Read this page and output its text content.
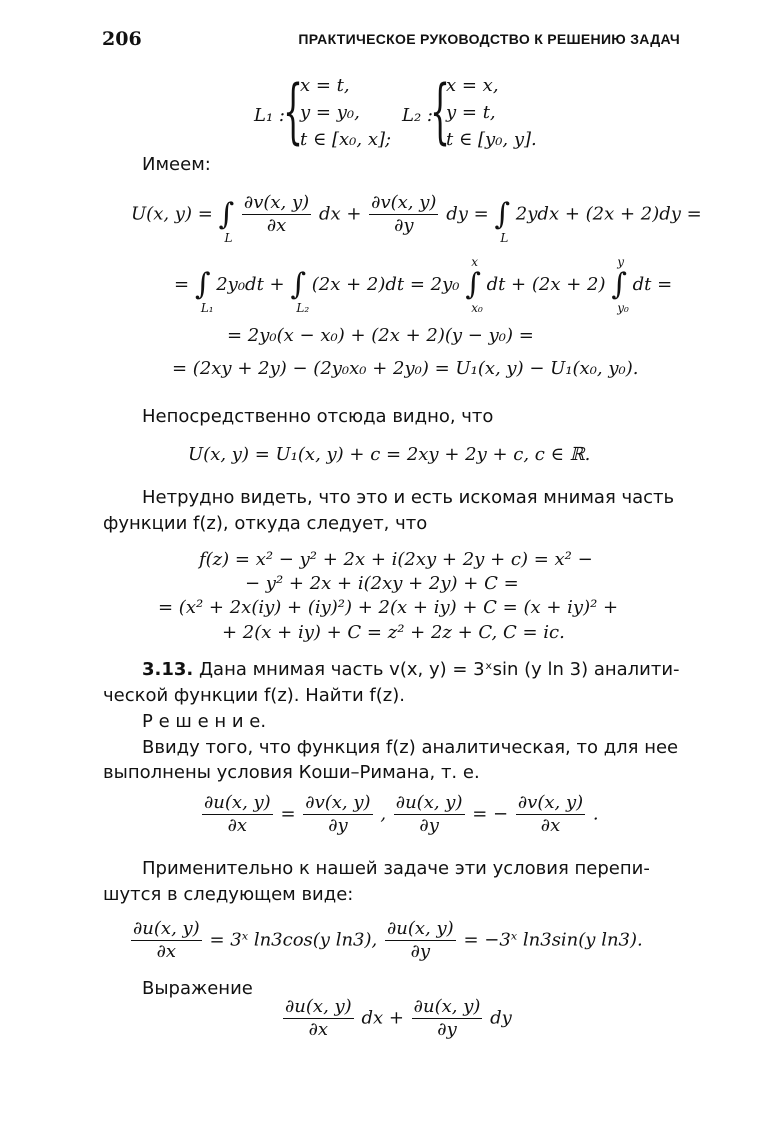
206	ПРАКТИЧЕСКОЕ РУКОВОДСТВО К РЕШЕНИЮ ЗАДАЧ
L₁ :
{
x = t,
y = y₀,
t ∈ [x₀, x];
L₂ :
{
x = x,
y = t,
t ∈ [y₀, y].
Имеем:
U(x, y) = ∫
L

$\frac{\partial v(x, y)}{\partial x}$ dx + $\frac{\partial v(x, y)}{\partial y}$ dy = ∫
L
2ydx + (2x + 2)dy =
= ∫
L₁
2y₀dt + ∫
L₂
(2x + 2)dt = 2y₀ ∫
x
x₀
dt + (2x + 2) ∫
y
y₀
dt =
= 2y₀(x − x₀) + (2x + 2)(y − y₀) =
= (2xy + 2y) − (2y₀x₀ + 2y₀) = U₁(x, y) − U₁(x₀, y₀).
Непосредственно отсюда видно, что
U(x, y) = U₁(x, y) + c = 2xy + 2y + c, c ∈ ℝ.
Нетрудно видеть, что это и есть искомая мнимая часть
функции f(z), откуда следует, что
f(z) = x² − y² + 2x + i(2xy + 2y + c) = x² −
− y² + 2x + i(2xy + 2y) + C =
= (x² + 2x(iy) + (iy)²) + 2(x + iy) + C = (x + iy)² +
+ 2(x + iy) + C = z² + 2z + C, C = ic.
3.13. Дана мнимая часть v(x, y) = 3ˣsin (y ln 3) аналити-
ческой функции f(z). Найти f(z).
Р е ш е н и е.
Ввиду того, что функция f(z) аналитическая, то для нее
выполнены условия Коши–Римана, т. е.
$\frac{\partial u(x, y)}{\partial x} = \frac{\partial v(x, y)}{\partial y}$ , $\frac{\partial u(x, y)}{\partial y}$ = − $\frac{\partial v(x, y)}{\partial x}$ .
Применительно к нашей задаче эти условия перепи-
шутся в следующем виде:
$\frac{\partial u(x, y)}{\partial x}$ = 3ˣ ln3cos(y ln3), $\frac{\partial u(x, y)}{\partial y}$ = −3ˣ ln3sin(y ln3).
Выражение
$\frac{\partial u(x, y)}{\partial x}$ dx + $\frac{\partial u(x, y)}{\partial y}$ dy
